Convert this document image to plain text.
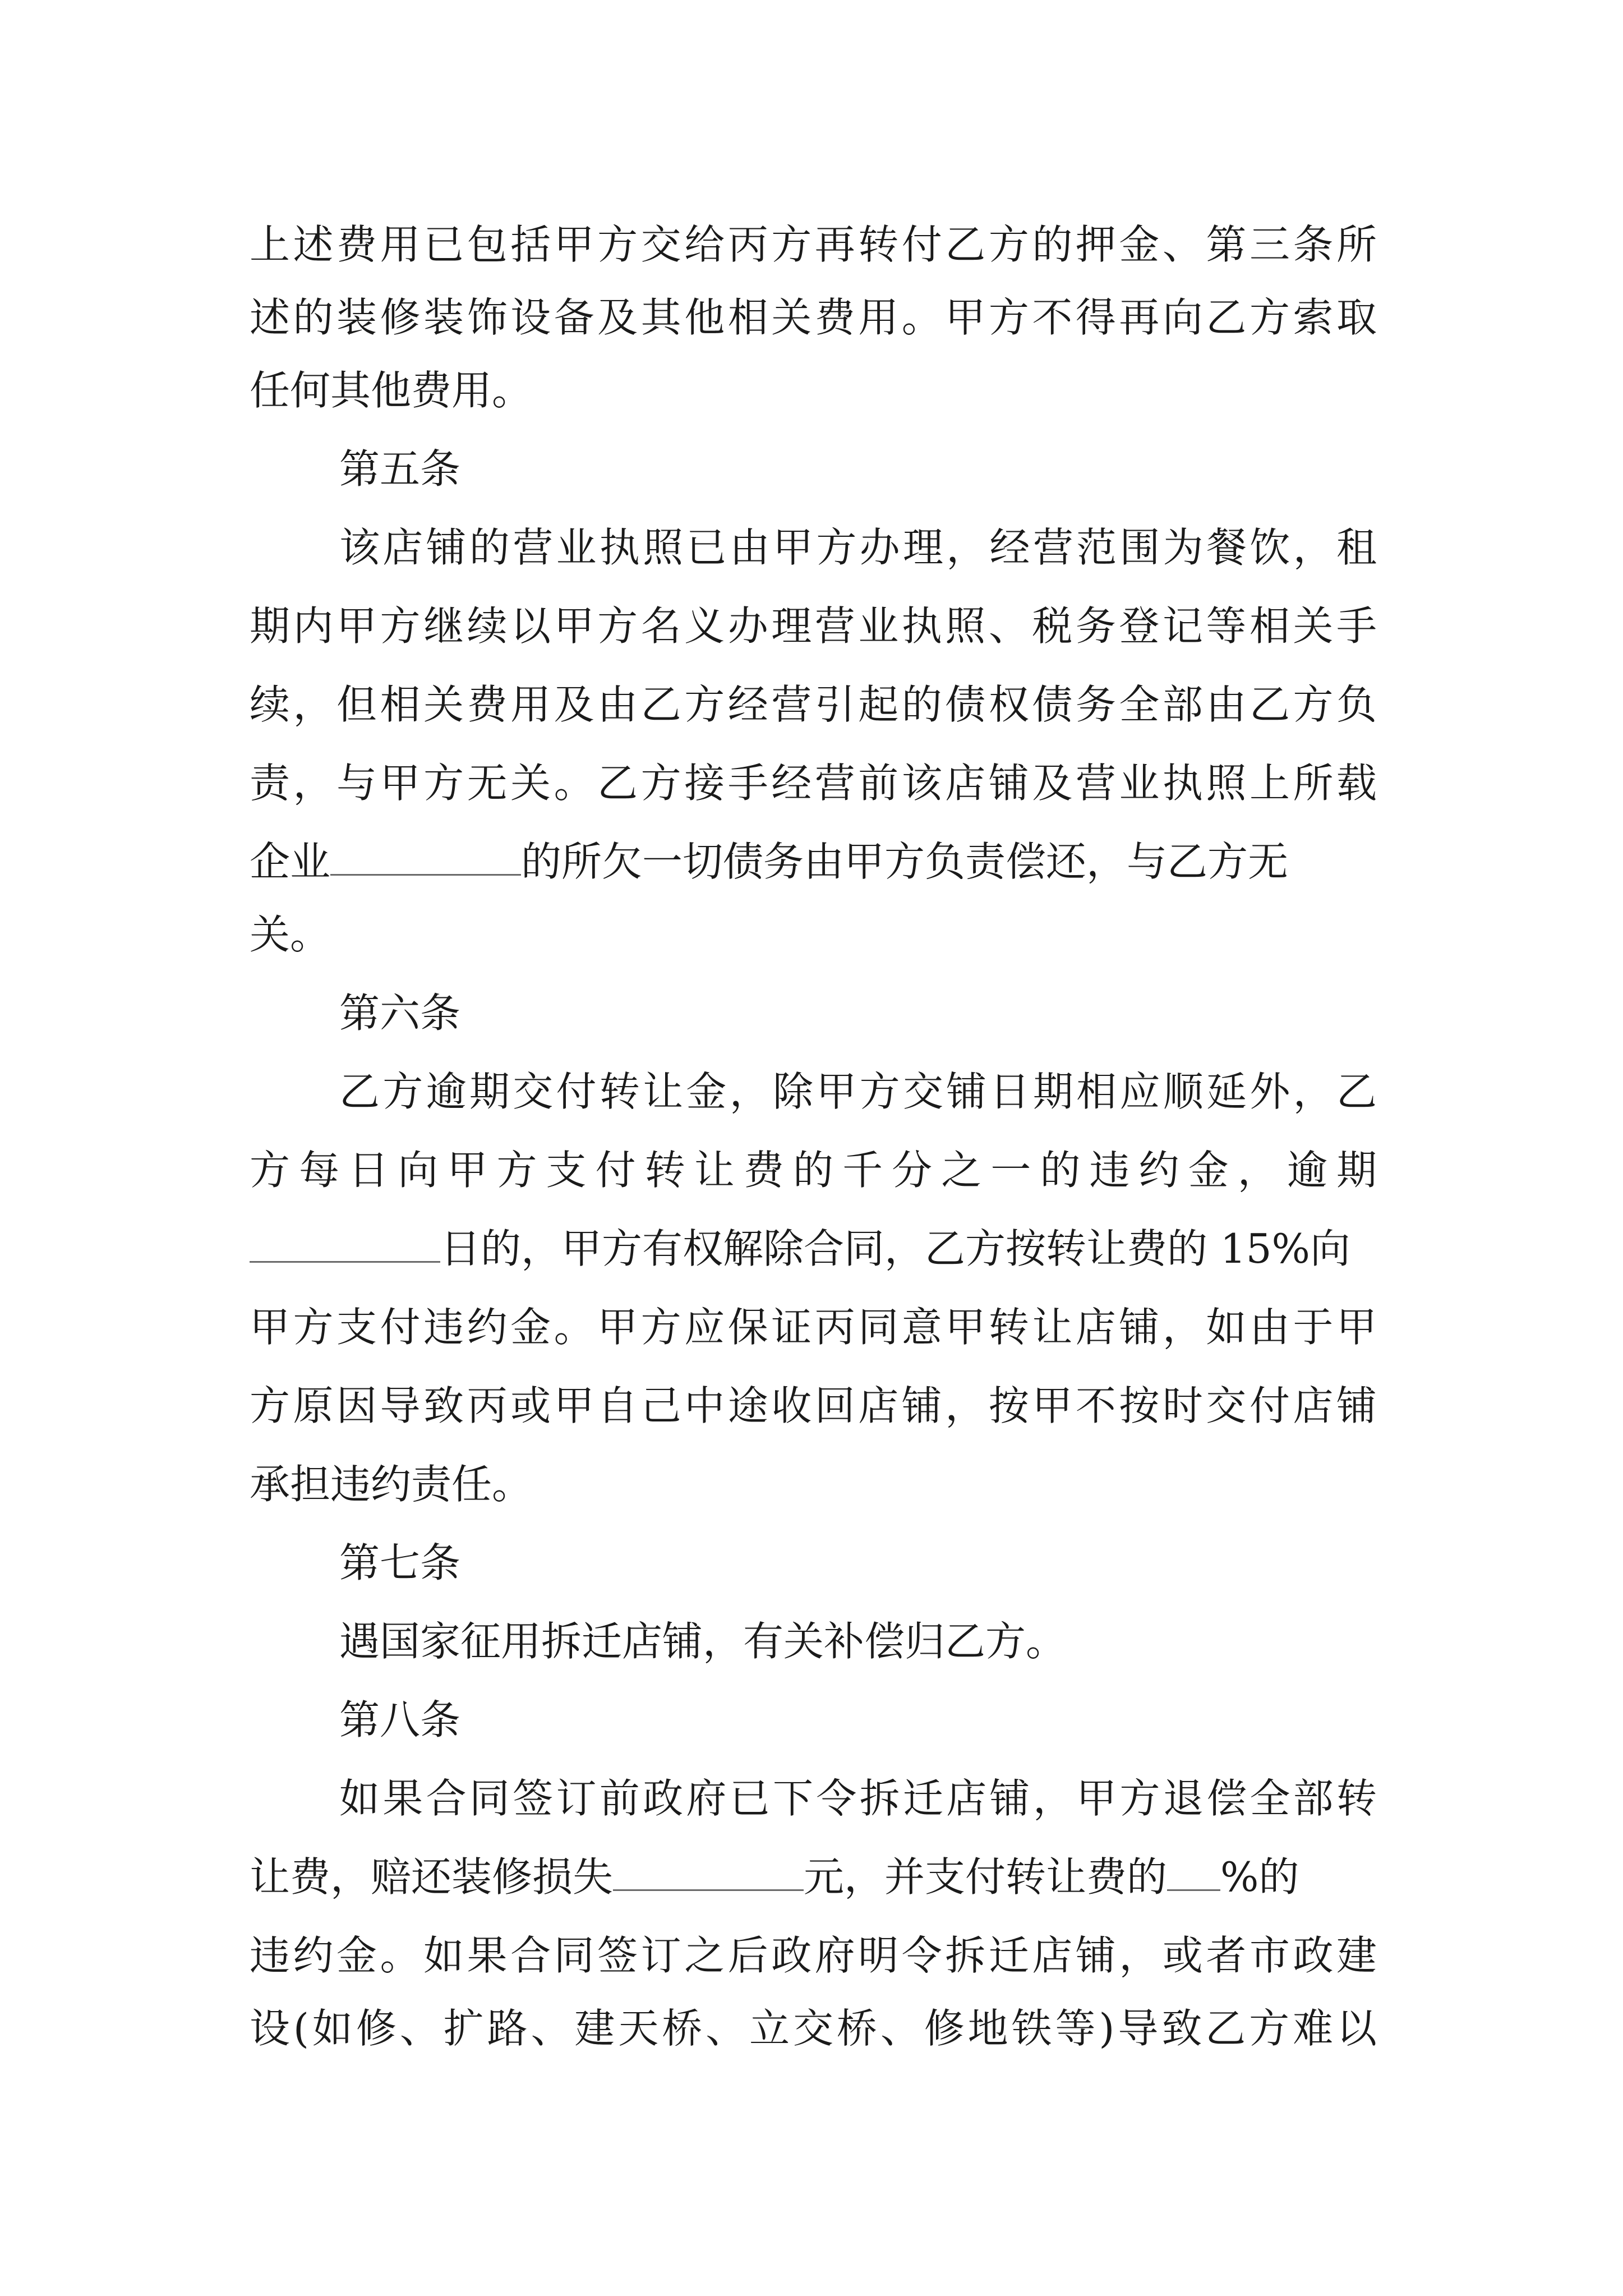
上述费用已包括甲方交给丙方再转付乙方的押金、第三条所
述的装修装饰设备及其他相关费用。甲方不得再向乙方索取
任何其他费用。
第五条
该店铺的营业执照已由甲方办理，经营范围为餐饮，租
期内甲方继续以甲方名义办理营业执照、税务登记等相关手
续，但相关费用及由乙方经营引起的债权债务全部由乙方负
责，与甲方无关。乙方接手经营前该店铺及营业执照上所载
企业	的所欠一切债务由甲方负责偿还，与乙方无
关。
第六条
乙方逾期交付转让金，除甲方交铺日期相应顺延外，乙
方每日向甲方支付转让费的千分之一的违约金，逾期
日的，甲方有权解除合同，乙方按转让费的 15%向
甲方支付违约金。甲方应保证丙同意甲转让店铺，如由于甲
方原因导致丙或甲自己中途收回店铺，按甲不按时交付店铺
承担违约责任。
第七条
遇国家征用拆迁店铺，有关补偿归乙方。
第八条
如果合同签订前政府已下令拆迁店铺，甲方退偿全部转
让费，赔还装修损失	元，并支付转让费的 %的
违约金。如果合同签订之后政府明令拆迁店铺，或者市政建
设(如修、扩路、建天桥、立交桥、修地铁等)导致乙方难以
